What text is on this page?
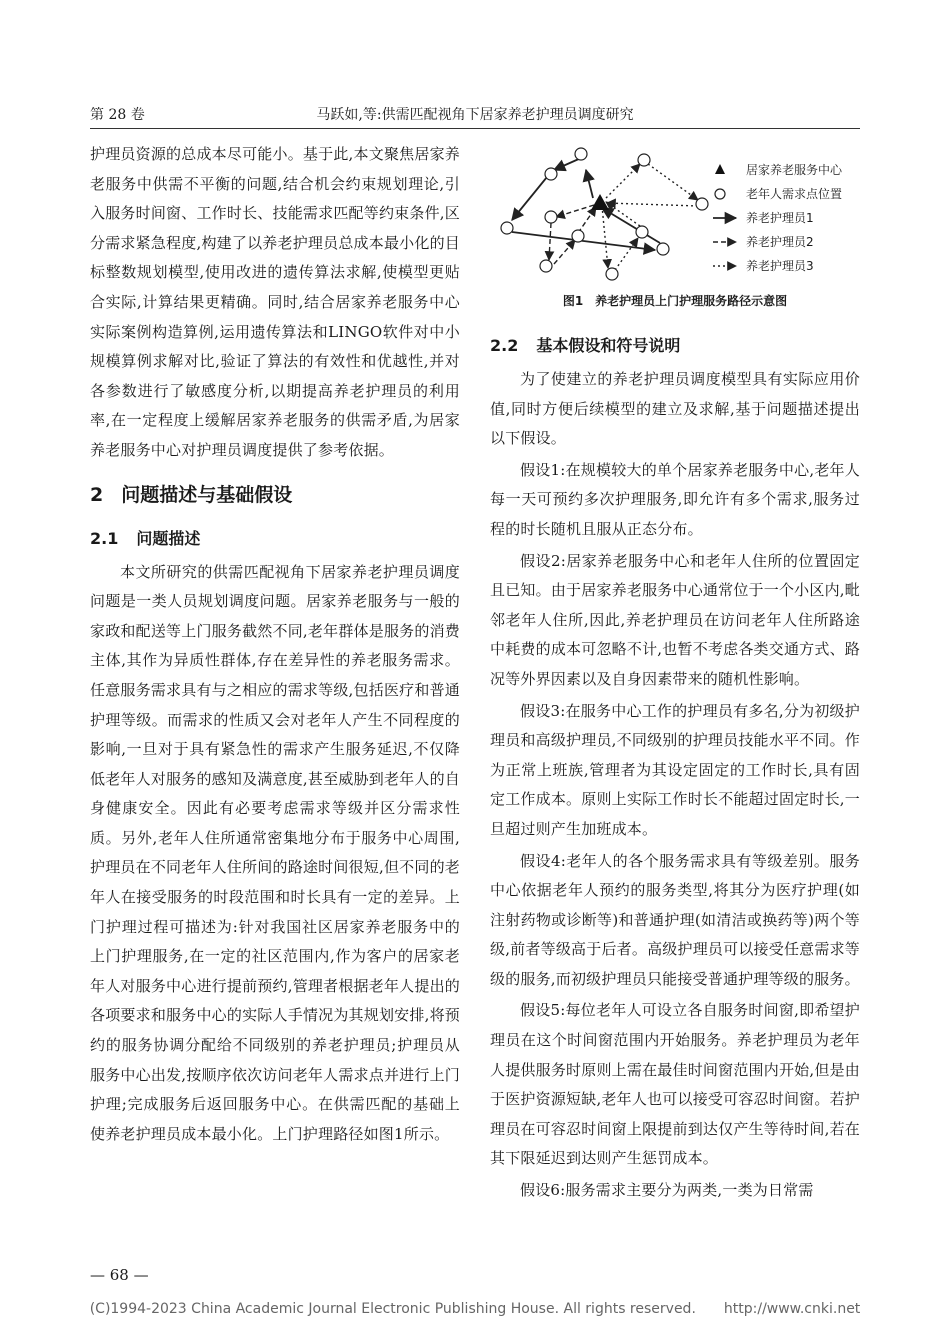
第 28 卷	马跃如,等:供需匹配视角下居家养老护理员调度研究

护理员资源的总成本尽可能小。基于此,本文聚焦居家养老服务中供需不平衡的问题,结合机会约束规划理论,引入服务时间窗、工作时长、技能需求匹配等约束条件,区分需求紧急程度,构建了以养老护理员总成本最小化的目标整数规划模型,使用改进的遗传算法求解,使模型更贴合实际,计算结果更精确。同时,结合居家养老服务中心实际案例构造算例,运用遗传算法和LINGO软件对中小规模算例求解对比,验证了算法的有效性和优越性,并对各参数进行了敏感度分析,以期提高养老护理员的利用率,在一定程度上缓解居家养老服务的供需矛盾,为居家养老服务中心对护理员调度提供了参考依据。

2 问题描述与基础假设
2.1 问题描述

本文所研究的供需匹配视角下居家养老护理员调度问题是一类人员规划调度问题。居家养老服务与一般的家政和配送等上门服务截然不同,老年群体是服务的消费主体,其作为异质性群体,存在差异性的养老服务需求。任意服务需求具有与之相应的需求等级,包括医疗和普通护理等级。而需求的性质又会对老年人产生不同程度的影响,一旦对于具有紧急性的需求产生服务延迟,不仅降低老年人对服务的感知及满意度,甚至威胁到老年人的自身健康安全。因此有必要考虑需求等级并区分需求性质。另外,老年人住所通常密集地分布于服务中心周围,护理员在不同老年人住所间的路途时间很短,但不同的老年人在接受服务的时段范围和时长具有一定的差异。上门护理过程可描述为:针对我国社区居家养老服务中的上门护理服务,在一定的社区范围内,作为客户的居家老年人对服务中心进行提前预约,管理者根据老年人提出的各项要求和服务中心的实际人手情况为其规划安排,将预约的服务协调分配给不同级别的养老护理员;护理员从服务中心出发,按顺序依次访问老年人需求点并进行上门护理;完成服务后返回服务中心。在供需匹配的基础上使养老护理员成本最小化。上门护理路径如图1所示。

居家养老服务中心
老年人需求点位置
养老护理员1
养老护理员2
养老护理员3
图1　养老护理员上门护理服务路径示意图
2.2 基本假设和符号说明

为了使建立的养老护理员调度模型具有实际应用价值,同时方便后续模型的建立及求解,基于问题描述提出以下假设。

假设1:在规模较大的单个居家养老服务中心,老年人每一天可预约多次护理服务,即允许有多个需求,服务过程的时长随机且服从正态分布。

假设2:居家养老服务中心和老年人住所的位置固定且已知。由于居家养老服务中心通常位于一个小区内,毗邻老年人住所,因此,养老护理员在访问老年人住所路途中耗费的成本可忽略不计,也暂不考虑各类交通方式、路况等外界因素以及自身因素带来的随机性影响。

假设3:在服务中心工作的护理员有多名,分为初级护理员和高级护理员,不同级别的护理员技能水平不同。作为正常上班族,管理者为其设定固定的工作时长,具有固定工作成本。原则上实际工作时长不能超过固定时长,一旦超过则产生加班成本。

假设4:老年人的各个服务需求具有等级差别。服务中心依据老年人预约的服务类型,将其分为医疗护理(如注射药物或诊断等)和普通护理(如清洁或换药等)两个等级,前者等级高于后者。高级护理员可以接受任意需求等级的服务,而初级护理员只能接受普通护理等级的服务。

假设5:每位老年人可设立各自服务时间窗,即希望护理员在这个时间窗范围内开始服务。养老护理员为老年人提供服务时原则上需在最佳时间窗范围内开始,但是由于医护资源短缺,老年人也可以接受可容忍时间窗。若护理员在可容忍时间窗上限提前到达仅产生等待时间,若在其下限延迟到达则产生惩罚成本。

假设6:服务需求主要分为两类,一类为日常需

— 68 —
(C)1994-2023 China Academic Journal Electronic Publishing House. All rights reserved.　　http://www.cnki.net
